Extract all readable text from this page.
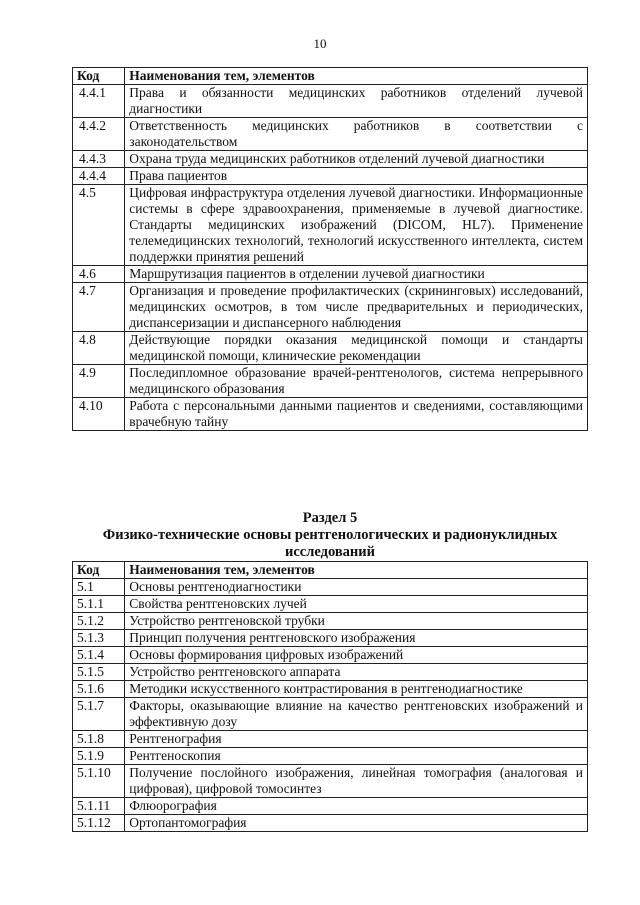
10
Код	Наименования тем, элементов
4.4.1	Права и обязанности медицинских работников отделений лучевой диагностики
4.4.2	Ответственность медицинских работников в соответствии с законодательством
4.4.3	Охрана труда медицинских работников отделений лучевой диагностики
4.4.4	Права пациентов
4.5	Цифровая инфраструктура отделения лучевой диагностики. Информационные системы в сфере здравоохранения, применяемые в лучевой диагностике. Стандарты медицинских изображений (DICOM, HL7). Применение телемедицинских технологий, технологий искусственного интеллекта, систем поддержки принятия решений
4.6	Маршрутизация пациентов в отделении лучевой диагностики
4.7	Организация и проведение профилактических (скрининговых) исследований, медицинских осмотров, в том числе предварительных и периодических, диспансеризации и диспансерного наблюдения
4.8	Действующие порядки оказания медицинской помощи и стандарты медицинской помощи, клинические рекомендации
4.9	Последипломное образование врачей-рентгенологов, система непрерывного медицинского образования
4.10	Работа с персональными данными пациентов и сведениями, составляющими врачебную тайну
Раздел 5
Физико-технические основы рентгенологических и радионуклидных исследований
Код	Наименования тем, элементов
5.1	Основы рентгенодиагностики
5.1.1	Свойства рентгеновских лучей
5.1.2	Устройство рентгеновской трубки
5.1.3	Принцип получения рентгеновского изображения
5.1.4	Основы формирования цифровых изображений
5.1.5	Устройство рентгеновского аппарата
5.1.6	Методики искусственного контрастирования в рентгенодиагностике
5.1.7	Факторы, оказывающие влияние на качество рентгеновских изображений и эффективную дозу
5.1.8	Рентгенография
5.1.9	Рентгеноскопия
5.1.10	Получение послойного изображения, линейная томография (аналоговая и цифровая), цифровой томосинтез
5.1.11	Флюорография
5.1.12	Ортопантомография
